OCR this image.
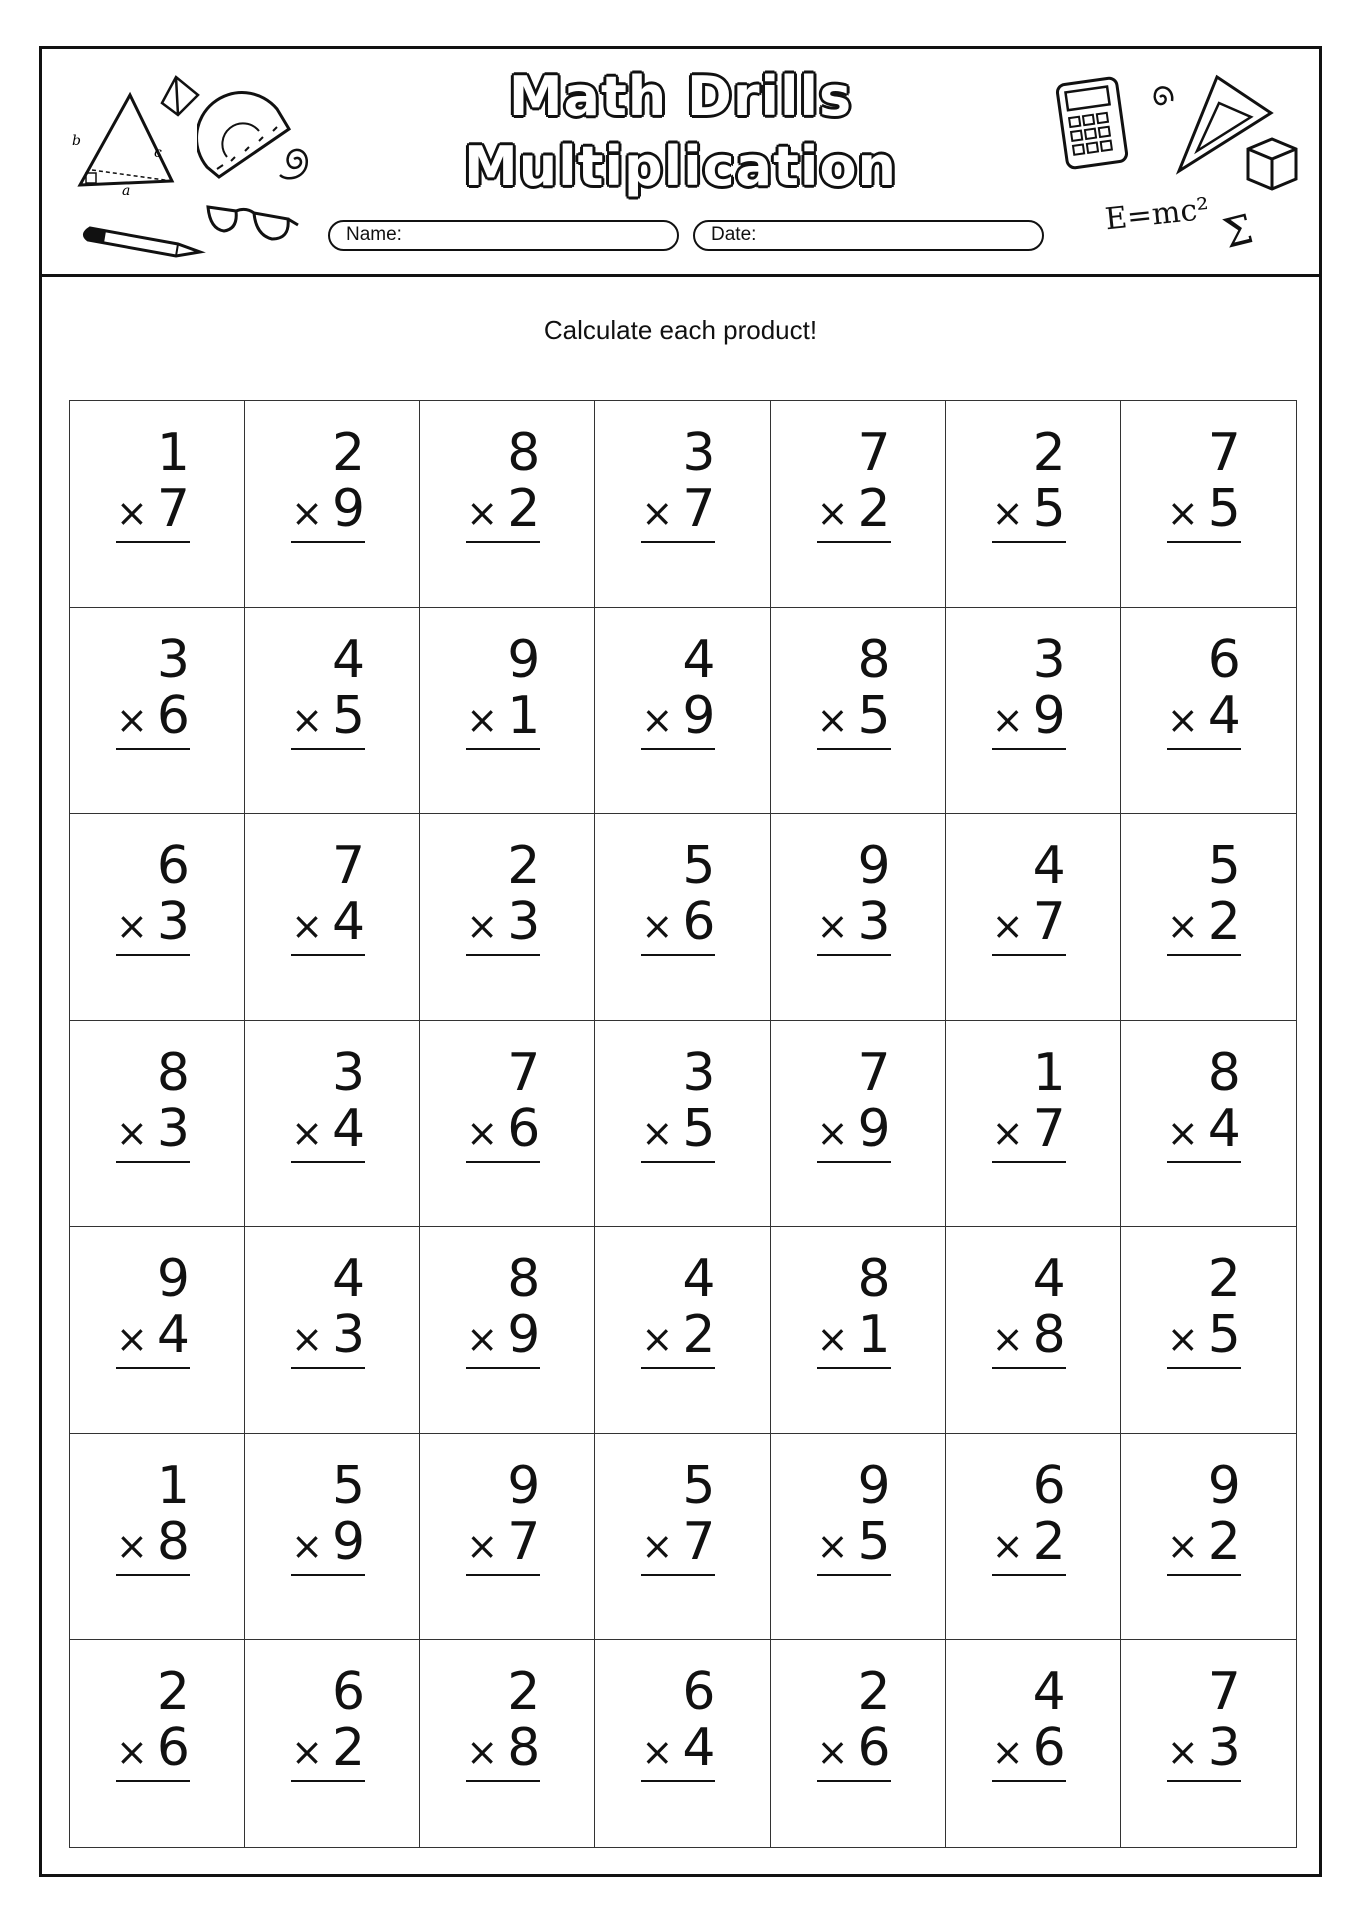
b
c
a
Math Drills
Multiplication
Name:	Date:	E=mc² Σ
Calculate each product!
1
× 7
2
× 9
8
× 2
3
× 7
7
× 2
2
× 5
7
× 5
3
× 6
4
× 5
9
× 1
4
× 9
8
× 5
3
× 9
6
× 4
6
× 3
7
× 4
2
× 3
5
× 6
9
× 3
4
× 7
5
× 2
8
× 3
3
× 4
7
× 6
3
× 5
7
× 9
1
× 7
8
× 4
9
× 4
4
× 3
8
× 9
4
× 2
8
× 1
4
× 8
2
× 5
1
× 8
5
× 9
9
× 7
5
× 7
9
× 5
6
× 2
9
× 2
2
× 6
6
× 2
2
× 8
6
× 4
2
× 6
4
× 6
7
× 3
